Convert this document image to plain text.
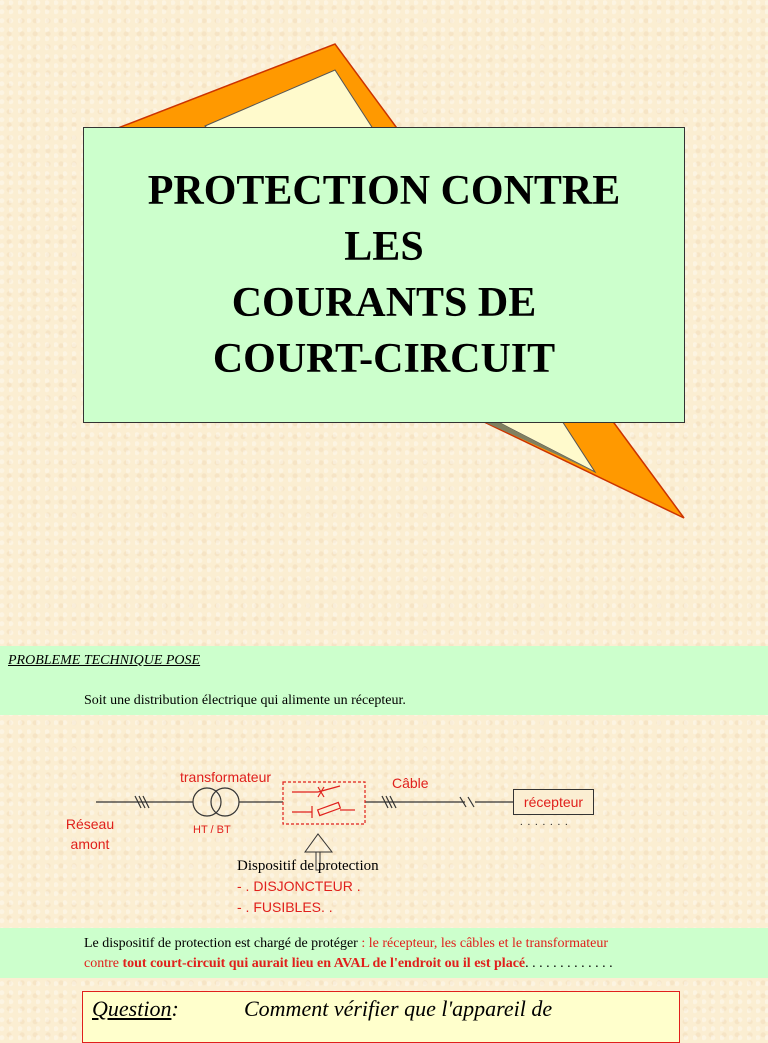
PROTECTION CONTRE
LES
COURANTS DE
COURT-CIRCUIT
PROBLEME TECHNIQUE POSE
Soit une distribution électrique qui alimente un récepteur.
transformateur	Câble
récepteur
Réseau
amont
HT / BT
. . . . . . .
Dispositif de protection
- . DISJONCTEUR .
- . FUSIBLES. .
Le dispositif de protection est chargé de protéger : le récepteur, les câbles et le transformateur
contre tout court-circuit qui aurait lieu en AVAL de l'endroit ou il est placé. . . . . . . . . . . . .
Question:	Comment vérifier que l'appareil de
